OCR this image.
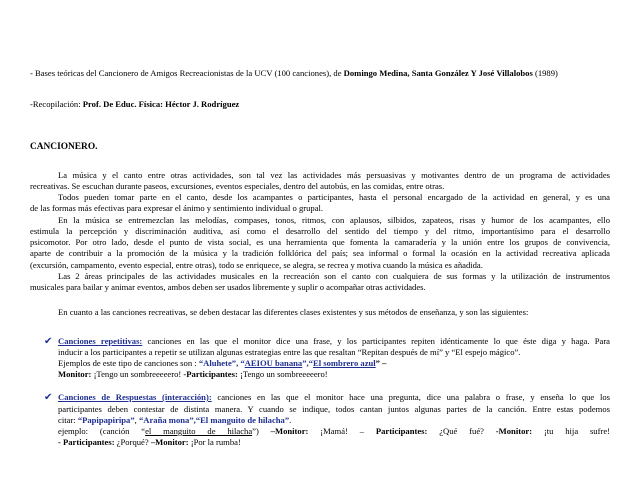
- Bases teóricas del Cancionero de Amigos Recreacionistas de la UCV (100 canciones), de Domingo Medina, Santa González Y José Villalobos (1989)
-Recopilación: Prof. De Educ. Física: Héctor J. Rodríguez
CANCIONERO.
La música y el canto entre otras actividades, son tal vez las actividades más persuasivas y motivantes dentro de un programa de actividades
recreativas. Se escuchan durante paseos, excursiones, eventos especiales, dentro del autobús, en las comidas, entre otras.
Todos pueden tomar parte en el canto, desde los acampantes o participantes, hasta el personal encargado de la actividad en general, y es una
de las formas más efectivas para expresar el ánimo y sentimiento individual o grupal.
En la música se entremezclan las melodías, compases, tonos, ritmos, con aplausos, silbidos, zapateos, risas y humor de los acampantes, ello
estimula la percepción y discriminación auditiva, así como el desarrollo del sentido del tiempo y del ritmo, importantísimo para el desarrollo
psicomotor. Por otro lado, desde el punto de vista social, es una herramienta que fomenta la camaradería y la unión entre los grupos de convivencia,
aparte de contribuir a la promoción de la música y la tradición folklórica del país; sea informal o formal la ocasión en la actividad recreativa aplicada
(excursión, campamento, evento especial, entre otras), todo se enriquece, se alegra, se recrea y motiva cuando la música es añadida.
Las 2 áreas principales de las actividades musicales en la recreación son el canto con cualquiera de sus formas y la utilización de instrumentos
musicales para bailar y animar eventos, ambos deben ser usados libremente y suplir o acompañar otras actividades.
En cuanto a las canciones recreativas, se deben destacar las diferentes clases existentes y sus métodos de enseñanza, y son las siguientes:
✔ Canciones repetitivas: canciones en las que el monitor dice una frase, y los participantes repiten idénticamente lo que éste diga y haga. Para
inducir a los participantes a repetir se utilizan algunas estrategias entre las que resaltan “Repitan después de mí” y “El espejo mágico”.
Ejemplos de este tipo de canciones son : “Aluhete”, “AEIOU banana”,“El sombrero azul” –
Monitor: ¡Tengo un sombreeeeero! -Participantes: ¡Tengo un sombreeeeero!
✔ Canciones de Respuestas (interacción): canciones en las que el monitor hace una pregunta, dice una palabra o frase, y enseña lo que los
participantes deben contestar de distinta manera. Y cuando se indique, todos cantan juntos algunas partes de la canción. Entre estas podemos
citar: “Papipapiripa”, “Araña mona”,“El manguito de hilacha”.
ejemplo: (canción “el manguito de hilacha”) –Monitor: ¡Mamá! – Participantes: ¿Qué fué? -Monitor: ¡tu hija sufre!
- Participantes: ¿Porqué? –Monitor: ¡Por la rumba!
